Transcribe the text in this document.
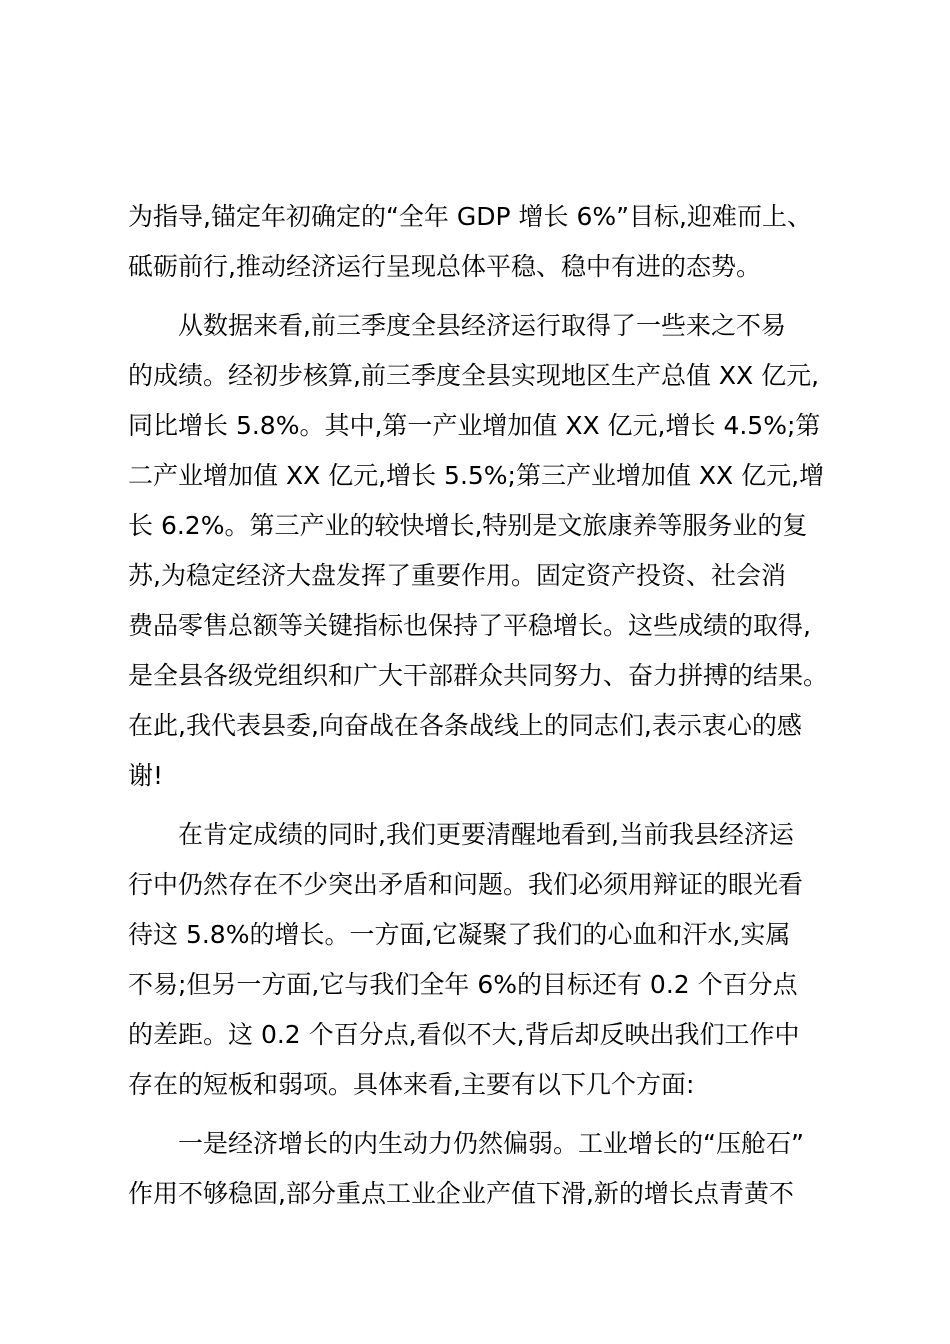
为指导,锚定年初确定的“全年 GDP 增长 6%”目标,迎难而上、
砥砺前行,推动经济运行呈现总体平稳、稳中有进的态势。
从数据来看,前三季度全县经济运行取得了一些来之不易
的成绩。经初步核算,前三季度全县实现地区生产总值 XX 亿元,
同比增长 5.8%。其中,第一产业增加值 XX 亿元,增长 4.5%;第
二产业增加值 XX 亿元,增长 5.5%;第三产业增加值 XX 亿元,增
长 6.2%。第三产业的较快增长,特别是文旅康养等服务业的复
苏,为稳定经济大盘发挥了重要作用。固定资产投资、社会消
费品零售总额等关键指标也保持了平稳增长。这些成绩的取得,
是全县各级党组织和广大干部群众共同努力、奋力拼搏的结果。
在此,我代表县委,向奋战在各条战线上的同志们,表示衷心的感
谢!
在肯定成绩的同时,我们更要清醒地看到,当前我县经济运
行中仍然存在不少突出矛盾和问题。我们必须用辩证的眼光看
待这 5.8%的增长。一方面,它凝聚了我们的心血和汗水,实属
不易;但另一方面,它与我们全年 6%的目标还有 0.2 个百分点
的差距。这 0.2 个百分点,看似不大,背后却反映出我们工作中
存在的短板和弱项。具体来看,主要有以下几个方面:
一是经济增长的内生动力仍然偏弱。工业增长的“压舱石”
作用不够稳固,部分重点工业企业产值下滑,新的增长点青黄不
